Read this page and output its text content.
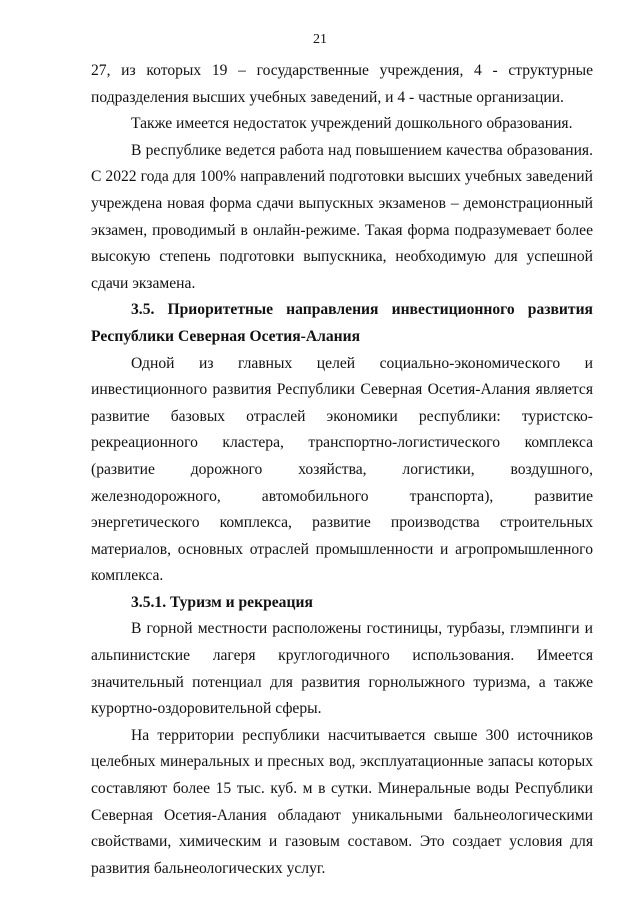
21

27, из которых 19 – государственные учреждения, 4 - структурные подразделения высших учебных заведений, и 4 - частные организации.

Также имеется недостаток учреждений дошкольного образования.

В республике ведется работа над повышением качества образования. С 2022 года для 100% направлений подготовки высших учебных заведений учреждена новая форма сдачи выпускных экзаменов – демонстрационный экзамен, проводимый в онлайн-режиме. Такая форма подразумевает более высокую степень подготовки выпускника, необходимую для успешной сдачи экзамена.

3.5. Приоритетные направления инвестиционного развития Республики Северная Осетия-Алания

Одной из главных целей социально-экономического и инвестиционного развития Республики Северная Осетия-Алания является развитие базовых отраслей экономики республики: туристско-рекреационного кластера, транспортно-логистического комплекса (развитие дорожного хозяйства, логистики, воздушного, железнодорожного, автомобильного транспорта), развитие энергетического комплекса, развитие производства строительных материалов, основных отраслей промышленности и агропромышленного комплекса.

3.5.1. Туризм и рекреация

В горной местности расположены гостиницы, турбазы, глэмпинги и альпинистские лагеря круглогодичного использования. Имеется значительный потенциал для развития горнолыжного туризма, а также курортно-оздоровительной сферы.

На территории республики насчитывается свыше 300 источников целебных минеральных и пресных вод, эксплуатационные запасы которых составляют более 15 тыс. куб. м в сутки. Минеральные воды Республики Северная Осетия-Алания обладают уникальными бальнеологическими свойствами, химическим и газовым составом. Это создает условия для развития бальнеологических услуг.
